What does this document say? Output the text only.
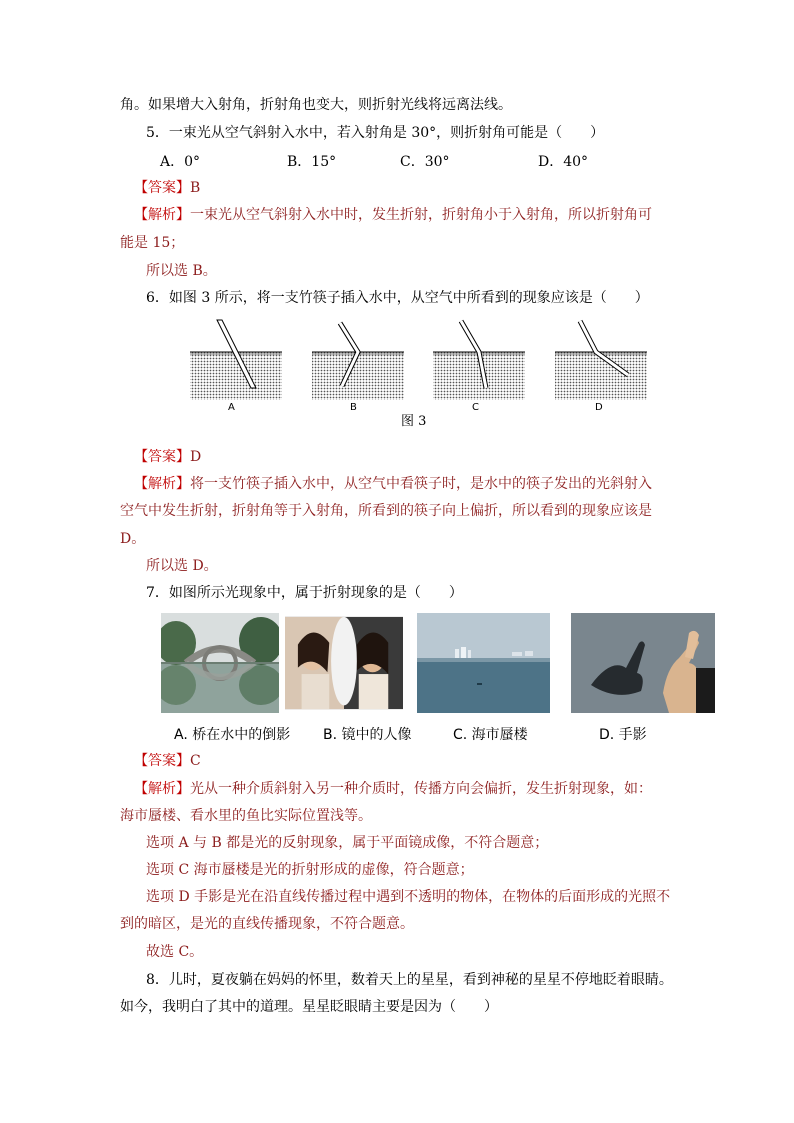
角。如果增大入射角，折射角也变大，则折射光线将远离法线。
5．一束光从空气斜射入水中，若入射角是 30°，则折射角可能是（　　）
A．0°	B．15°	C．30°	D．40°
【答案】B
【解析】一束光从空气斜射入水中时，发生折射，折射角小于入射角，所以折射角可
能是 15；
所以选 B。
6．如图 3 所示，将一支竹筷子插入水中，从空气中所看到的现象应该是（　　）
A	B	C	D
图 3
【答案】D
【解析】将一支竹筷子插入水中，从空气中看筷子时，是水中的筷子发出的光斜射入
空气中发生折射，折射角等于入射角，所看到的筷子向上偏折，所以看到的现象应该是
D。
所以选 D。
7．如图所示光现象中，属于折射现象的是（　　）
A. 桥在水中的倒影 B. 镜中的人像	C. 海市蜃楼	D. 手影
【答案】C
【解析】光从一种介质斜射入另一种介质时，传播方向会偏折，发生折射现象，如：
海市蜃楼、看水里的鱼比实际位置浅等。
选项 A 与 B 都是光的反射现象，属于平面镜成像，不符合题意；
选项 C 海市蜃楼是光的折射形成的虚像，符合题意；
选项 D 手影是光在沿直线传播过程中遇到不透明的物体，在物体的后面形成的光照不
到的暗区，是光的直线传播现象，不符合题意。
故选 C。
8．儿时，夏夜躺在妈妈的怀里，数着天上的星星，看到神秘的星星不停地眨着眼睛。
如今，我明白了其中的道理。星星眨眼睛主要是因为（　　）
